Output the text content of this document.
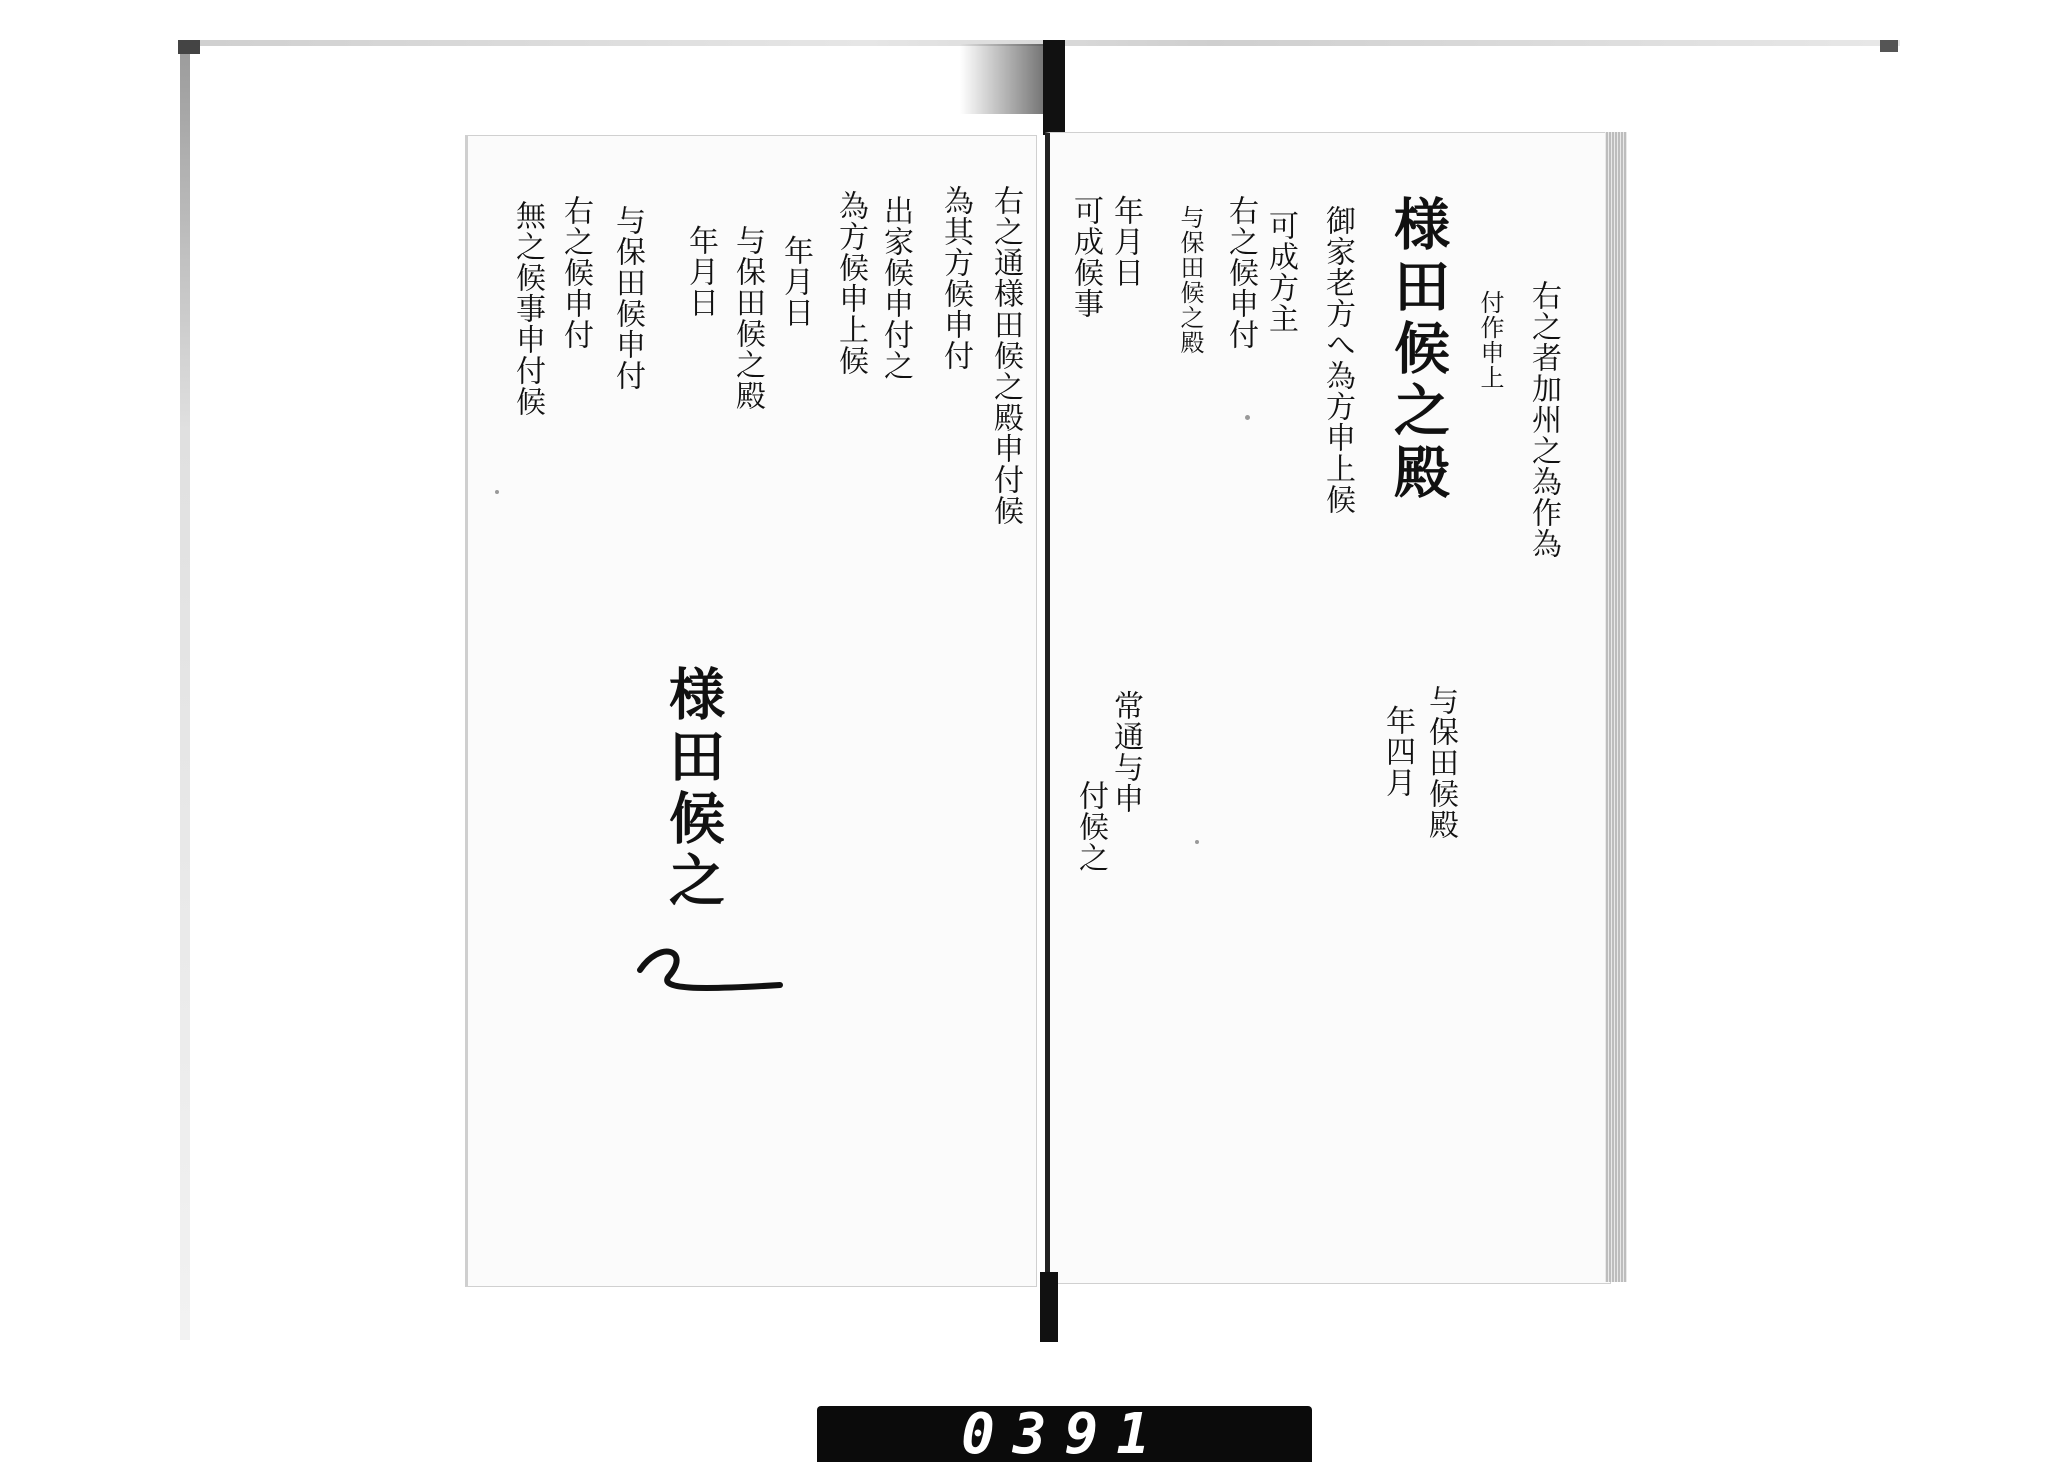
右之者加州之為作為
付作申上
様田候之殿
与保田候殿
年四月
御家老方へ為方申上候
可成方主
右之候申付
与保田候之殿
年月日
可成候事
常通与申
付候之
右之通様田候之殿申付候
為其方候申付
出家候申付之
為方候申上候
年月日
様田候之
与保田候之殿
年月日
与保田候申付
右之候申付
無之候事申付候
0391
